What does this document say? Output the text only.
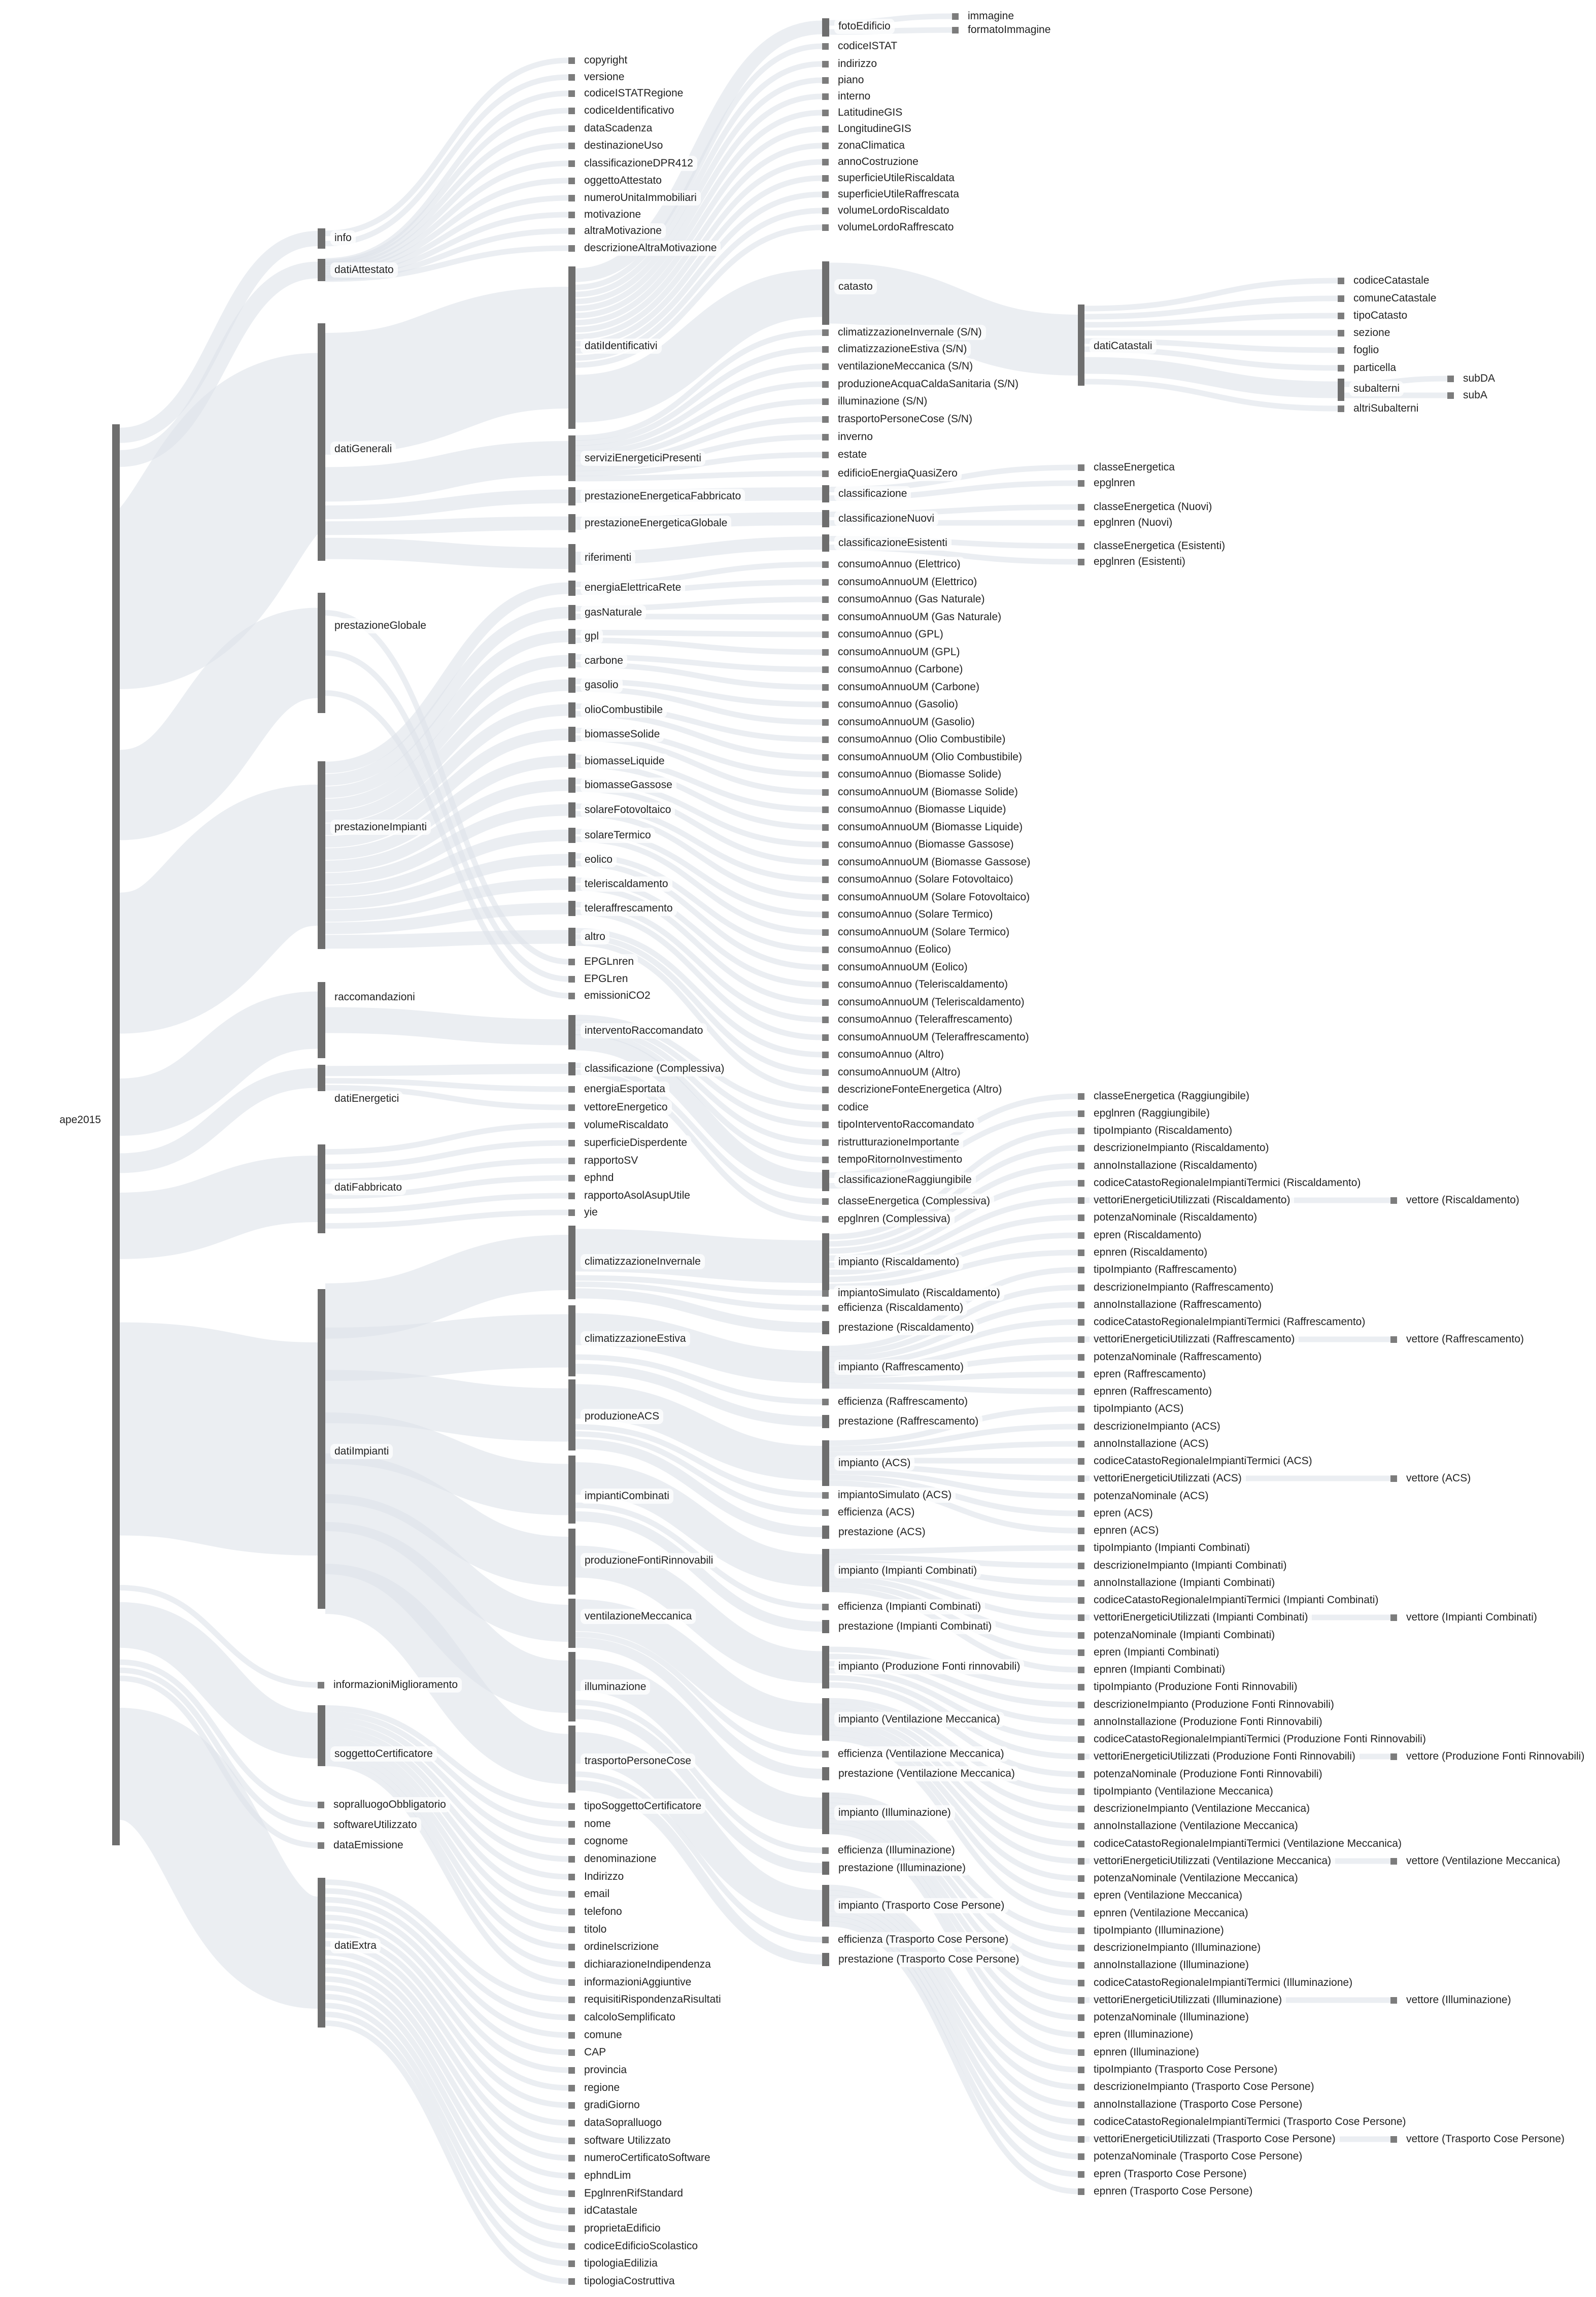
ape2015
info
datiAttestato
datiGenerali
prestazioneGlobale
prestazioneImpianti
raccomandazioni
datiEnergetici
datiFabbricato
datiImpianti
informazioniMiglioramento
soggettoCertificatore
sopralluogoObbligatorio
softwareUtilizzato
dataEmissione
datiExtra
copyright
versione
codiceISTATRegione
codiceIdentificativo
dataScadenza
destinazioneUso
classificazioneDPR412
oggettoAttestato
numeroUnitaImmobiliari
motivazione
altraMotivazione
descrizioneAltraMotivazione
datiIdentificativi
serviziEnergeticiPresenti
prestazioneEnergeticaFabbricato
prestazioneEnergeticaGlobale
riferimenti
energiaElettricaRete
gasNaturale
gpl
carbone
gasolio
olioCombustibile
biomasseSolide
biomasseLiquide
biomasseGassose
solareFotovoltaico
solareTermico
eolico
teleriscaldamento
teleraffrescamento
altro
EPGLnren
EPGLren
emissioniCO2
interventoRaccomandato
classificazione (Complessiva)
energiaEsportata
vettoreEnergetico
volumeRiscaldato
superficieDisperdente
rapportoSV
ephnd
rapportoAsolAsupUtile
yie
climatizzazioneInvernale
climatizzazioneEstiva
produzioneACS
impiantiCombinati
produzioneFontiRinnovabili
ventilazioneMeccanica
illuminazione
trasportoPersoneCose
tipoSoggettoCertificatore
nome
cognome
denominazione
Indirizzo
email
telefono
titolo
ordineIscrizione
dichiarazioneIndipendenza
informazioniAggiuntive
requisitiRispondenzaRisultati
calcoloSemplificato
comune
CAP
provincia
regione
gradiGiorno
dataSopralluogo
software Utilizzato
numeroCertificatoSoftware
ephndLim
EpglnrenRifStandard
idCatastale
proprietaEdificio
codiceEdificioScolastico
tipologiaEdilizia
tipologiaCostruttiva
fotoEdificio
codiceISTAT
indirizzo
piano
interno
LatitudineGIS
LongitudineGIS
zonaClimatica
annoCostruzione
superficieUtileRiscaldata
superficieUtileRaffrescata
volumeLordoRiscaldato
volumeLordoRaffrescato
catasto
climatizzazioneInvernale (S/N)
climatizzazioneEstiva (S/N)
ventilazioneMeccanica (S/N)
produzioneAcquaCaldaSanitaria (S/N)
illuminazione (S/N)
trasportoPersoneCose (S/N)
inverno
estate
edificioEnergiaQuasiZero
classificazione
classificazioneNuovi
classificazioneEsistenti
consumoAnnuo (Elettrico)
consumoAnnuoUM (Elettrico)
consumoAnnuo (Gas Naturale)
consumoAnnuoUM (Gas Naturale)
consumoAnnuo (GPL)
consumoAnnuoUM (GPL)
consumoAnnuo (Carbone)
consumoAnnuoUM (Carbone)
consumoAnnuo (Gasolio)
consumoAnnuoUM (Gasolio)
consumoAnnuo (Olio Combustibile)
consumoAnnuoUM (Olio Combustibile)
consumoAnnuo (Biomasse Solide)
consumoAnnuoUM (Biomasse Solide)
consumoAnnuo (Biomasse Liquide)
consumoAnnuoUM (Biomasse Liquide)
consumoAnnuo (Biomasse Gassose)
consumoAnnuoUM (Biomasse Gassose)
consumoAnnuo (Solare Fotovoltaico)
consumoAnnuoUM (Solare Fotovoltaico)
consumoAnnuo (Solare Termico)
consumoAnnuoUM (Solare Termico)
consumoAnnuo (Eolico)
consumoAnnuoUM (Eolico)
consumoAnnuo (Teleriscaldamento)
consumoAnnuoUM (Teleriscaldamento)
consumoAnnuo (Teleraffrescamento)
consumoAnnuoUM (Teleraffrescamento)
consumoAnnuo (Altro)
consumoAnnuoUM (Altro)
descrizioneFonteEnergetica (Altro)
codice
tipoInterventoRaccomandato
ristrutturazioneImportante
tempoRitornoInvestimento
classificazioneRaggiungibile
classeEnergetica (Complessiva)
epglnren (Complessiva)
impianto (Riscaldamento)
impiantoSimulato (Riscaldamento)
efficienza (Riscaldamento)
prestazione (Riscaldamento)
impianto (Raffrescamento)
efficienza (Raffrescamento)
prestazione (Raffrescamento)
impianto (ACS)
impiantoSimulato (ACS)
efficienza (ACS)
prestazione (ACS)
impianto (Impianti Combinati)
efficienza (Impianti Combinati)
prestazione (Impianti Combinati)
impianto (Produzione Fonti rinnovabili)
impianto (Ventilazione Meccanica)
efficienza (Ventilazione Meccanica)
prestazione (Ventilazione Meccanica)
impianto (Illuminazione)
efficienza (Illuminazione)
prestazione (Illuminazione)
impianto (Trasporto Cose Persone)
efficienza (Trasporto Cose Persone)
prestazione (Trasporto Cose Persone)
immagine
formatoImmagine
datiCatastali
classeEnergetica
epglnren
classeEnergetica (Nuovi)
epglnren (Nuovi)
classeEnergetica (Esistenti)
epglnren (Esistenti)
classeEnergetica (Raggiungibile)
epglnren (Raggiungibile)
tipoImpianto (Riscaldamento)
descrizioneImpianto (Riscaldamento)
annoInstallazione (Riscaldamento)
codiceCatastoRegionaleImpiantiTermici (Riscaldamento)
vettoriEnergeticiUtilizzati (Riscaldamento)
potenzaNominale (Riscaldamento)
epren (Riscaldamento)
epnren (Riscaldamento)
tipoImpianto (Raffrescamento)
descrizioneImpianto (Raffrescamento)
annoInstallazione (Raffrescamento)
codiceCatastoRegionaleImpiantiTermici (Raffrescamento)
vettoriEnergeticiUtilizzati (Raffrescamento)
potenzaNominale (Raffrescamento)
epren (Raffrescamento)
epnren (Raffrescamento)
tipoImpianto (ACS)
descrizioneImpianto (ACS)
annoInstallazione (ACS)
codiceCatastoRegionaleImpiantiTermici (ACS)
vettoriEnergeticiUtilizzati (ACS)
potenzaNominale (ACS)
epren (ACS)
epnren (ACS)
tipoImpianto (Impianti Combinati)
descrizioneImpianto (Impianti Combinati)
annoInstallazione (Impianti Combinati)
codiceCatastoRegionaleImpiantiTermici (Impianti Combinati)
vettoriEnergeticiUtilizzati (Impianti Combinati)
potenzaNominale (Impianti Combinati)
epren (Impianti Combinati)
epnren (Impianti Combinati)
tipoImpianto (Produzione Fonti Rinnovabili)
descrizioneImpianto (Produzione Fonti Rinnovabili)
annoInstallazione (Produzione Fonti Rinnovabili)
codiceCatastoRegionaleImpiantiTermici (Produzione Fonti Rinnovabili)
vettoriEnergeticiUtilizzati (Produzione Fonti Rinnovabili)
potenzaNominale (Produzione Fonti Rinnovabili)
tipoImpianto (Ventilazione Meccanica)
descrizioneImpianto (Ventilazione Meccanica)
annoInstallazione (Ventilazione Meccanica)
codiceCatastoRegionaleImpiantiTermici (Ventilazione Meccanica)
vettoriEnergeticiUtilizzati (Ventilazione Meccanica)
potenzaNominale (Ventilazione Meccanica)
epren (Ventilazione Meccanica)
epnren (Ventilazione Meccanica)
tipoImpianto (Illuminazione)
descrizioneImpianto (Illuminazione)
annoInstallazione (Illuminazione)
codiceCatastoRegionaleImpiantiTermici (Illuminazione)
vettoriEnergeticiUtilizzati (Illuminazione)
potenzaNominale (Illuminazione)
epren (Illuminazione)
epnren (Illuminazione)
tipoImpianto (Trasporto Cose Persone)
descrizioneImpianto (Trasporto Cose Persone)
annoInstallazione (Trasporto Cose Persone)
codiceCatastoRegionaleImpiantiTermici (Trasporto Cose Persone)
vettoriEnergeticiUtilizzati (Trasporto Cose Persone)
potenzaNominale (Trasporto Cose Persone)
epren (Trasporto Cose Persone)
epnren (Trasporto Cose Persone)
codiceCatastale
comuneCatastale
tipoCatasto
sezione
foglio
particella
subalterni
altriSubalterni
vettore (Riscaldamento)
vettore (Raffrescamento)
vettore (ACS)
vettore (Impianti Combinati)
vettore (Produzione Fonti Rinnovabili)
vettore (Ventilazione Meccanica)
vettore (Illuminazione)
vettore (Trasporto Cose Persone)
subDA
subA
